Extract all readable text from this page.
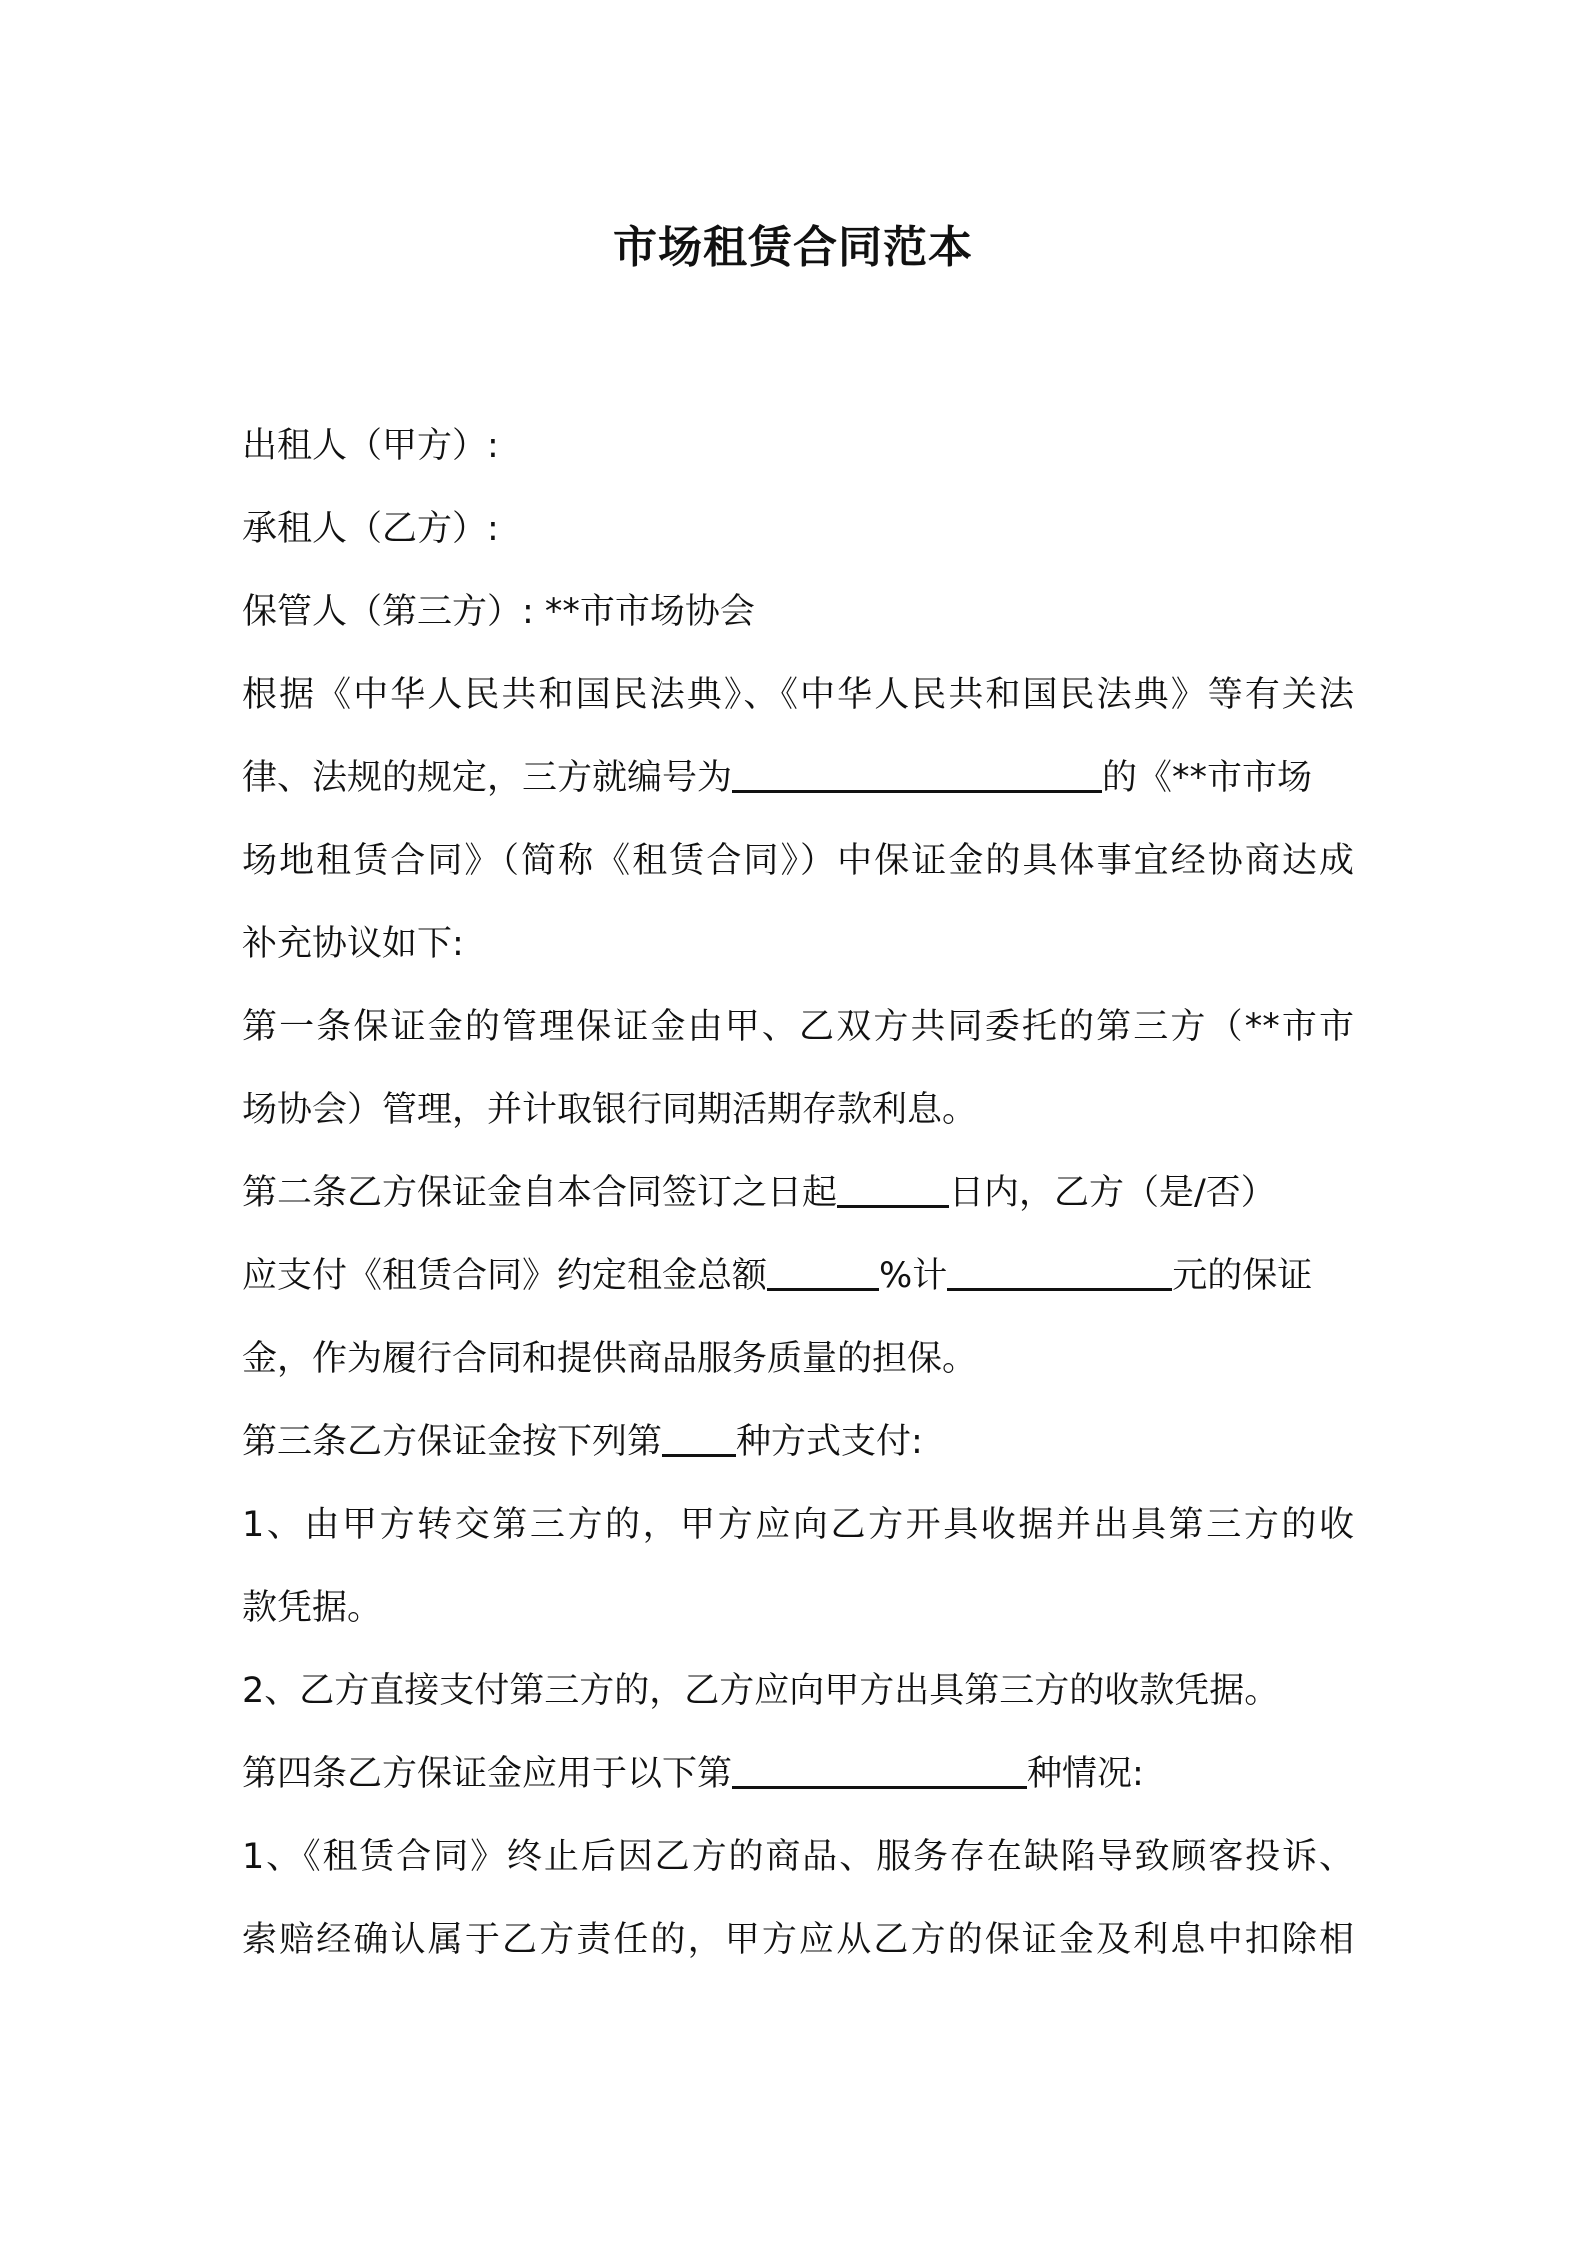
市场租赁合同范本
出租人（甲方）:
承租人（乙方）:
保管人（第三方）: **市市场协会
根据《中华人民共和国民法典》、《中华人民共和国民法典》等有关法
律、法规的规定，三方就编号为	的《**市市场
场地租赁合同》（简称《租赁合同》）中保证金的具体事宜经协商达成
补充协议如下:
第一条保证金的管理保证金由甲、乙双方共同委托的第三方（**市市
场协会）管理，并计取银行同期活期存款利息。
第二条乙方保证金自本合同签订之日起	日内，乙方（是/否）
应支付《租赁合同》约定租金总额	%计	元的保证
金，作为履行合同和提供商品服务质量的担保。
第三条乙方保证金按下列第 种方式支付:
1、由甲方转交第三方的，甲方应向乙方开具收据并出具第三方的收
款凭据。
2、乙方直接支付第三方的，乙方应向甲方出具第三方的收款凭据。
第四条乙方保证金应用于以下第	种情况:
1、《租赁合同》终止后因乙方的商品、服务存在缺陷导致顾客投诉、
索赔经确认属于乙方责任的，甲方应从乙方的保证金及利息中扣除相
